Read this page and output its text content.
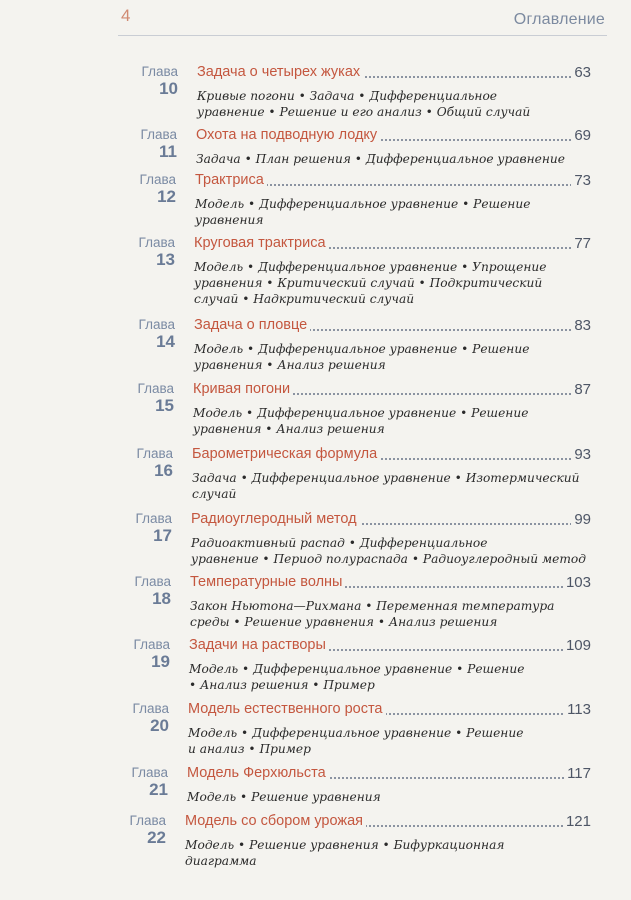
4	Оглавление
Глава
10
Задача о четырех жуках	63
Кривые погони • Задача • Дифференциальное
уравнение • Решение и его анализ • Общий случай
Глава
11
Охота на подводную лодку	69
Задача • План решения • Дифференциальное уравнение
Глава
12
Трактриса	73
Модель • Дифференциальное уравнение • Решение
уравнения
Глава
13
Круговая трактриса	77
Модель • Дифференциальное уравнение • Упрощение
уравнения • Критический случай • Подкритический
случай • Надкритический случай
Глава
14
Задача о пловце	83
Модель • Дифференциальное уравнение • Решение
уравнения • Анализ решения
Глава
15
Кривая погони	87
Модель • Дифференциальное уравнение • Решение
уравнения • Анализ решения
Глава
16
Барометрическая формула	93
Задача • Дифференциальное уравнение • Изотермический
случай
Глава
17
Радиоуглеродный метод	99
Радиоактивный распад • Дифференциальное
уравнение • Период полураспада • Радиоуглеродный метод
Глава
18
Температурные волны	103
Закон Ньютона—Рихмана • Переменная температура
среды • Решение уравнения • Анализ решения
Глава
19
Задачи на растворы	109
Модель • Дифференциальное уравнение • Решение
• Анализ решения • Пример
Глава
20
Модель естественного роста	113
Модель • Дифференциальное уравнение • Решение
и анализ • Пример
Глава
21
Модель Ферхюльста	117
Модель • Решение уравнения
Глава
22
Модель со сбором урожая	121
Модель • Решение уравнения • Бифуркационная
диаграмма
